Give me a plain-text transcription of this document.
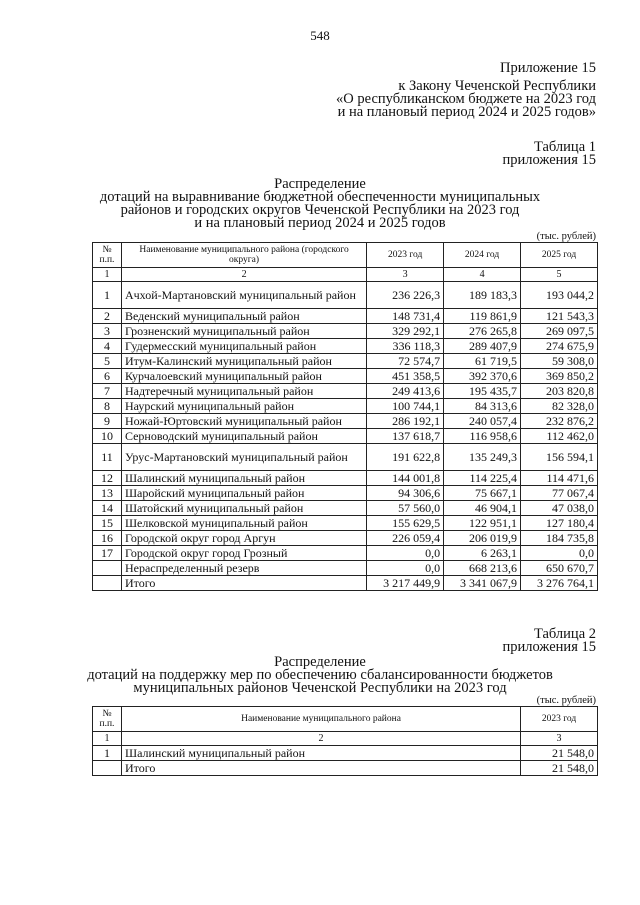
548
Приложение 15
к Закону Чеченской Республики
«О республиканском бюджете на 2023 год
и на плановый период 2024 и 2025 годов»
Таблица 1
приложения 15
Распределение
дотаций на выравнивание бюджетной обеспеченности муниципальных
районов и городских округов Чеченской Республики на 2023 год
и на плановый период 2024 и 2025 годов
(тыс. рублей)
№ п.п.	Наименование муниципального района (городского округа)	2023 год	2024 год	2025 год
1	2	3	4	5
1	Ачхой-Мартановский муниципальный район	236 226,3	189 183,3	193 044,2
2	Веденский муниципальный район	148 731,4	119 861,9	121 543,3
3	Грозненский муниципальный район	329 292,1	276 265,8	269 097,5
4	Гудермесский муниципальный район	336 118,3	289 407,9	274 675,9
5	Итум-Калинский муниципальный район	72 574,7	61 719,5	59 308,0
6	Курчалоевский муниципальный район	451 358,5	392 370,6	369 850,2
7	Надтеречный муниципальный район	249 413,6	195 435,7	203 820,8
8	Наурский муниципальный район	100 744,1	84 313,6	82 328,0
9	Ножай-Юртовский муниципальный район	286 192,1	240 057,4	232 876,2
10	Серноводский муниципальный район	137 618,7	116 958,6	112 462,0
11	Урус-Мартановский муниципальный район	191 622,8	135 249,3	156 594,1
12	Шалинский муниципальный район	144 001,8	114 225,4	114 471,6
13	Шаройский муниципальный район	94 306,6	75 667,1	77 067,4
14	Шатойский муниципальный район	57 560,0	46 904,1	47 038,0
15	Шелковской муниципальный район	155 629,5	122 951,1	127 180,4
16	Городской округ город Аргун	226 059,4	206 019,9	184 735,8
17	Городской округ город Грозный	0,0	6 263,1	0,0
	Нераспределенный резерв	0,0	668 213,6	650 670,7
	Итого	3 217 449,9	3 341 067,9	3 276 764,1
Таблица 2
приложения 15
Распределение
дотаций на поддержку мер по обеспечению сбалансированности бюджетов
муниципальных районов Чеченской Республики на 2023 год
(тыс. рублей)
№ п.п.	Наименование муниципального района	2023 год
1	2	3
1	Шалинский муниципальный район	21 548,0
	Итого	21 548,0
